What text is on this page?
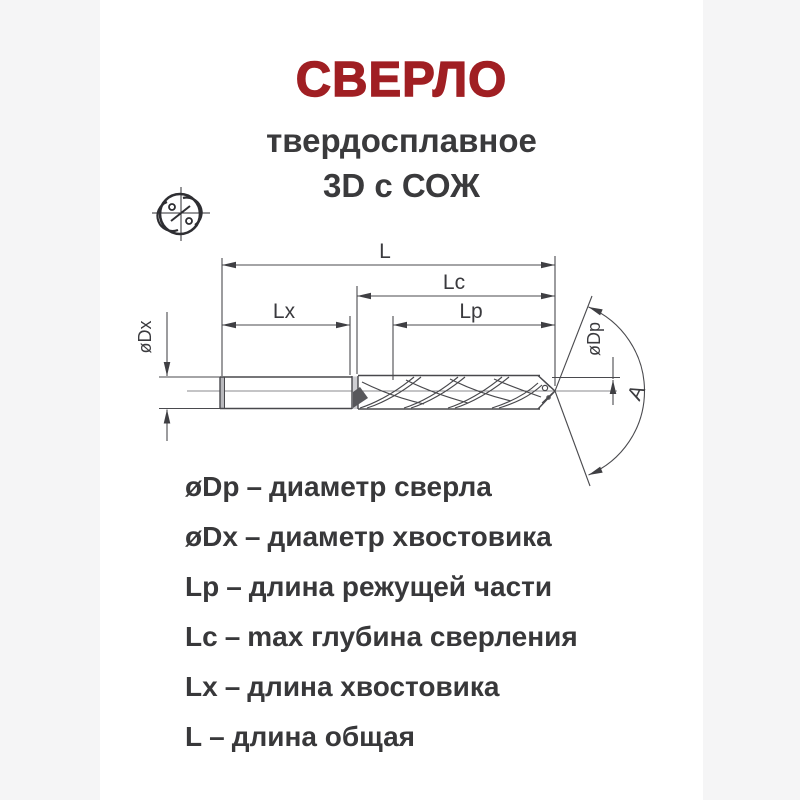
СВЕРЛО
твердосплавное
3D с СОЖ
L
Lc
Lx	Lp
øDx	øDp
A
øDp – диаметр сверла
øDx – диаметр хвостовика
Lp – длина режущей части
Lc – max глубина сверления
Lx – длина хвостовика
L – длина общая
